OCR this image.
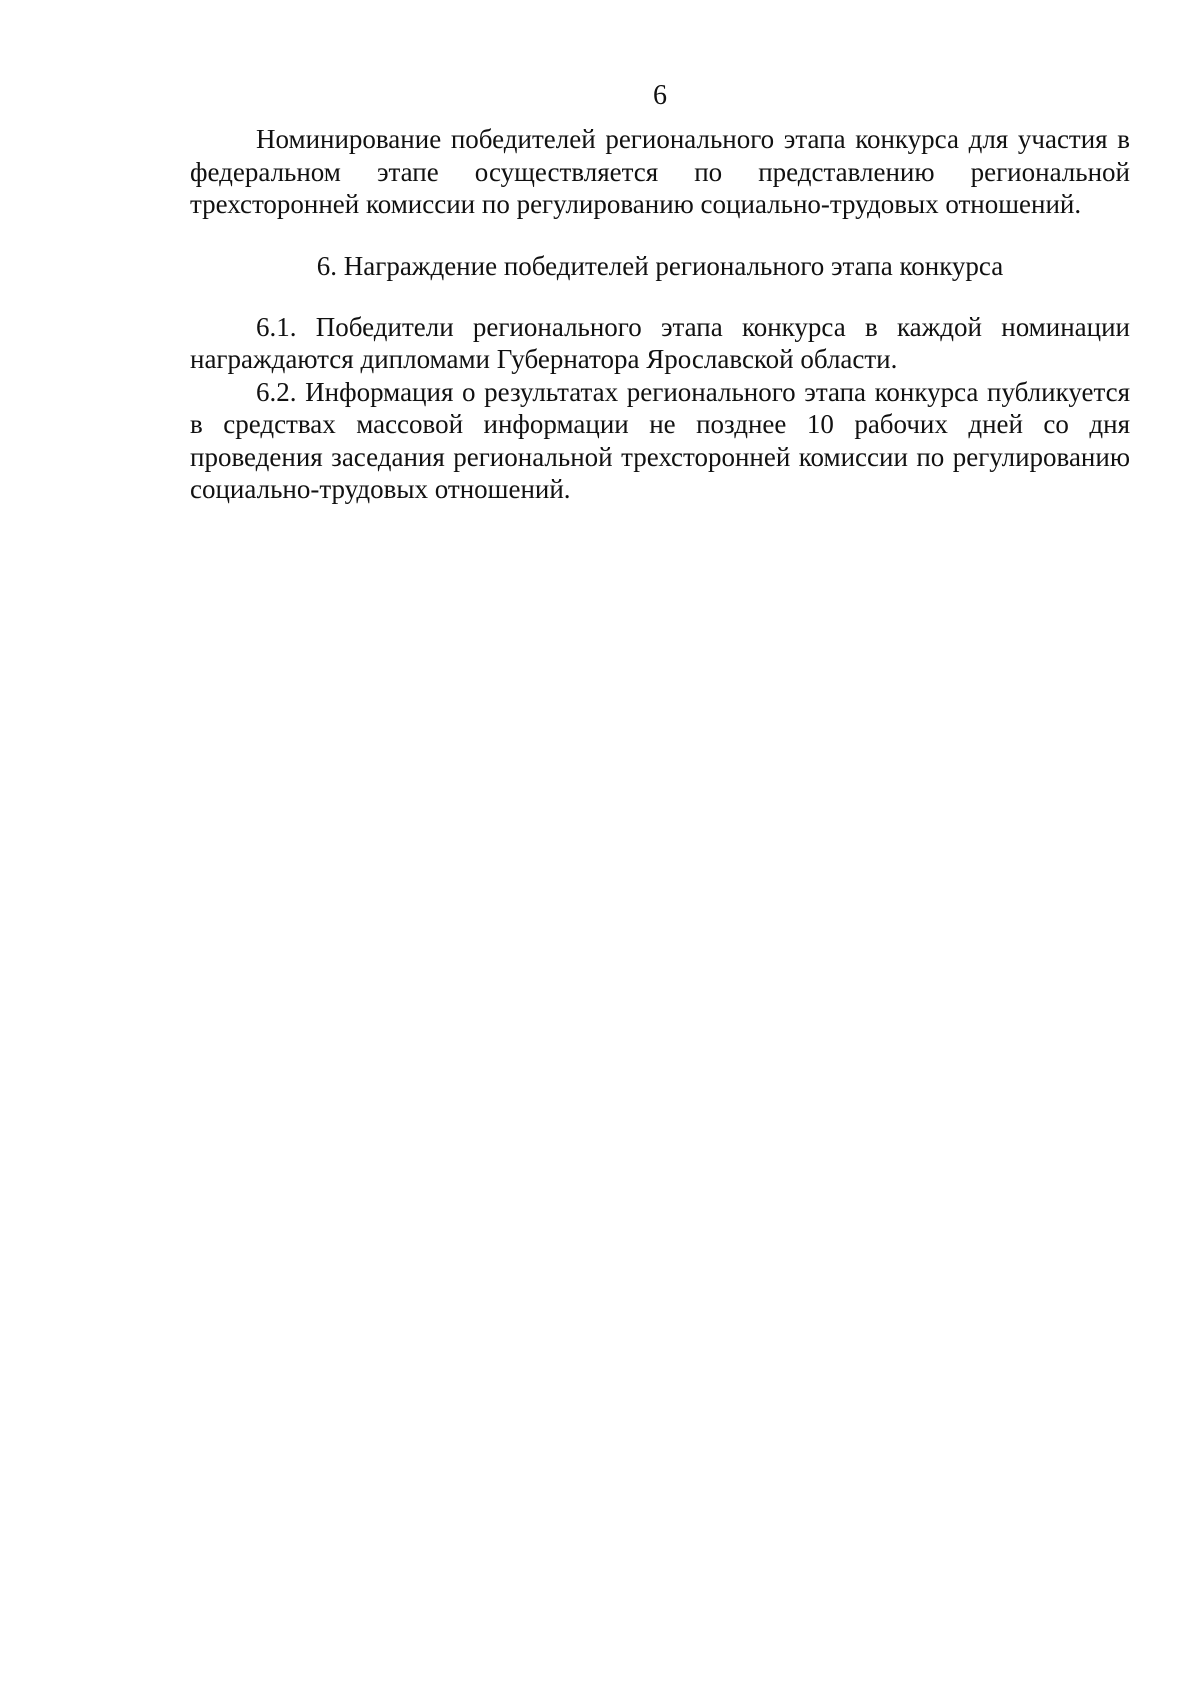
6

Номинирование победителей регионального этапа конкурса для участия в федеральном этапе осуществляется по представлению региональной трехсторонней комиссии по регулированию социально-трудовых отношений.

6. Награждение победителей регионального этапа конкурса

6.1. Победители регионального этапа конкурса в каждой номинации награждаются дипломами Губернатора Ярославской области.

6.2. Информация о результатах регионального этапа конкурса публикуется в средствах массовой информации не позднее 10 рабочих дней со дня проведения заседания региональной трехсторонней комиссии по регулированию социально-трудовых отношений.
